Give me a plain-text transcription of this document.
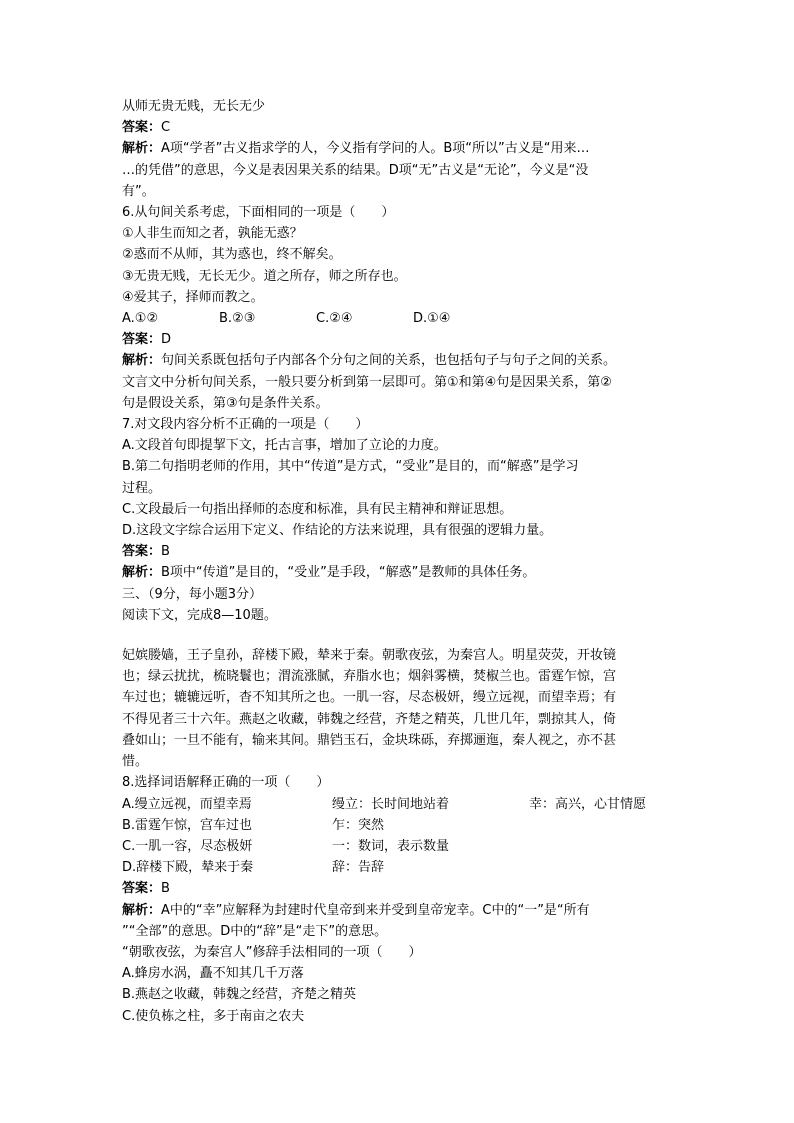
从师无贵无贱，无长无少

答案：C

解析：A项“学者”古义指求学的人，今义指有学问的人。B项“所以”古义是“用来…

…的凭借”的意思，今义是表因果关系的结果。D项“无”古义是“无论”，今义是“没

有”。

6.从句间关系考虑，下面相同的一项是（　　）

①人非生而知之者，孰能无惑？

②惑而不从师，其为惑也，终不解矣。

③无贵无贱，无长无少。道之所存，师之所存也。

④爱其子，择师而教之。

A.①②	B.②③	C.②④	D.①④

答案：D

解析：句间关系既包括句子内部各个分句之间的关系，也包括句子与句子之间的关系。

文言文中分析句间关系，一般只要分析到第一层即可。第①和第④句是因果关系，第②

句是假设关系，第③句是条件关系。

7.对文段内容分析不正确的一项是（　　）

A.文段首句即提挈下文，托古言事，增加了立论的力度。

B.第二句指明老师的作用，其中“传道”是方式，“受业”是目的，而“解惑”是学习

过程。

C.文段最后一句指出择师的态度和标准，具有民主精神和辩证思想。

D.这段文字综合运用下定义、作结论的方法来说理，具有很强的逻辑力量。

答案：B

解析：B项中“传道”是目的，“受业”是手段，“解惑”是教师的具体任务。

三、（9分，每小题3分）

阅读下文，完成8—10题。

妃嫔媵嫱，王子皇孙，辞楼下殿，辇来于秦。朝歌夜弦，为秦宫人。明星荧荧，开妆镜

也；绿云扰扰，梳晓鬟也；渭流涨腻，弃脂水也；烟斜雾横，焚椒兰也。雷霆乍惊，宫

车过也；辘辘远听，杳不知其所之也。一肌一容，尽态极妍，缦立远视，而望幸焉；有

不得见者三十六年。燕赵之收藏，韩魏之经营，齐楚之精英，几世几年，剽掠其人，倚

叠如山；一旦不能有，输来其间。鼎铛玉石，金块珠砾，弃掷逦迤，秦人视之，亦不甚

惜。

8.选择词语解释正确的一项（　　）

A.缦立远视，而望幸焉	缦立：长时间地站着	幸：高兴，心甘情愿

B.雷霆乍惊，宫车过也	乍：突然

C.一肌一容，尽态极妍	一：数词，表示数量

D.辞楼下殿，辇来于秦	辞：告辞

答案：B

解析：A中的“幸”应解释为封建时代皇帝到来并受到皇帝宠幸。C中的“一”是“所有

”“全部”的意思。D中的“辞”是“走下”的意思。

“朝歌夜弦，为秦宫人”修辞手法相同的一项（　　）

A.蜂房水涡，矗不知其几千万落

B.燕赵之收藏，韩魏之经营，齐楚之精英

C.使负栋之柱，多于南亩之农夫
